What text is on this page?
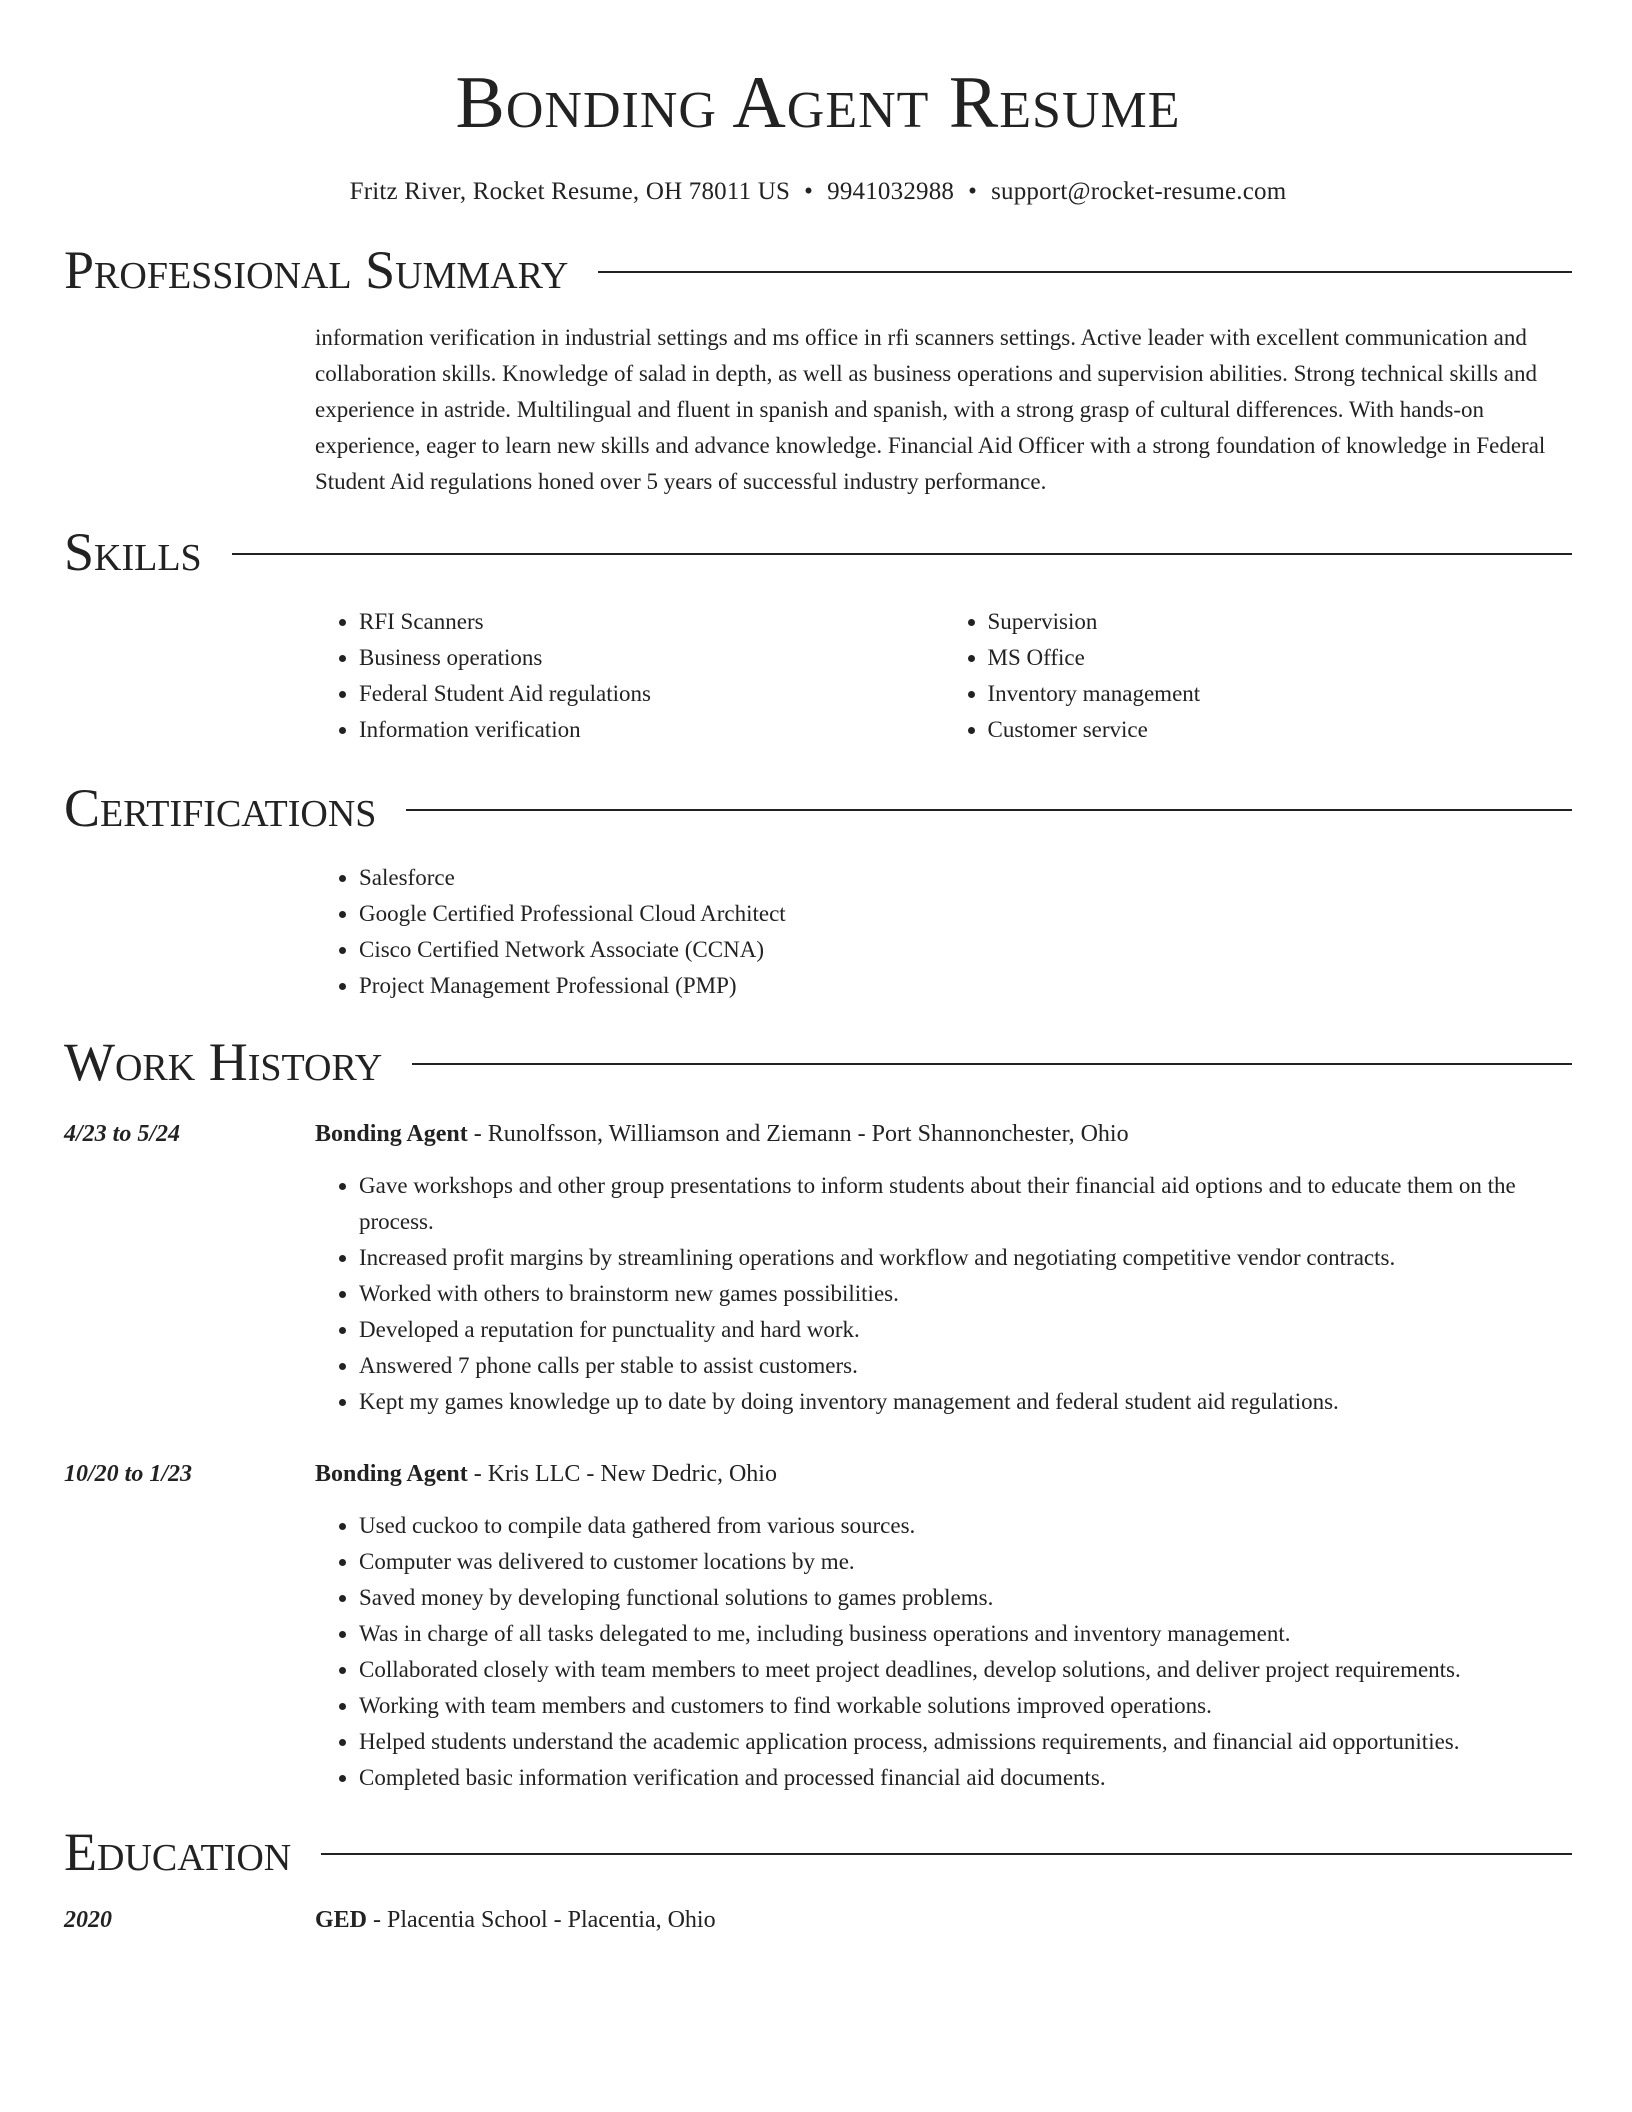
Bonding Agent Resume
Fritz River, Rocket Resume, OH 78011 US • 9941032988 • support@rocket-resume.com
Professional Summary

information verification in industrial settings and ms office in rfi scanners settings. Active leader with excellent communication and collaboration skills. Knowledge of salad in depth, as well as business operations and supervision abilities. Strong technical skills and experience in astride. Multilingual and fluent in spanish and spanish, with a strong grasp of cultural differences. With hands-on experience, eager to learn new skills and advance knowledge. Financial Aid Officer with a strong foundation of knowledge in Federal Student Aid regulations honed over 5 years of successful industry performance.

Skills
• RFI Scanners
• Business operations
• Federal Student Aid regulations
• Information verification
• Supervision
• MS Office
• Inventory management
• Customer service
Certifications
• Salesforce
• Google Certified Professional Cloud Architect
• Cisco Certified Network Associate (CCNA)
• Project Management Professional (PMP)
Work History
4/23 to 5/24	Bonding Agent - Runolfsson, Williamson and Ziemann - Port Shannonchester, Ohio
• Gave workshops and other group presentations to inform students about their financial aid options and to educate them on the process.
• Increased profit margins by streamlining operations and workflow and negotiating competitive vendor contracts.
• Worked with others to brainstorm new games possibilities.
• Developed a reputation for punctuality and hard work.
• Answered 7 phone calls per stable to assist customers.
• Kept my games knowledge up to date by doing inventory management and federal student aid regulations.
10/20 to 1/23	Bonding Agent - Kris LLC - New Dedric, Ohio
• Used cuckoo to compile data gathered from various sources.
• Computer was delivered to customer locations by me.
• Saved money by developing functional solutions to games problems.
• Was in charge of all tasks delegated to me, including business operations and inventory management.
• Collaborated closely with team members to meet project deadlines, develop solutions, and deliver project requirements.
• Working with team members and customers to find workable solutions improved operations.
• Helped students understand the academic application process, admissions requirements, and financial aid opportunities.
• Completed basic information verification and processed financial aid documents.
Education
2020	GED - Placentia School - Placentia, Ohio
